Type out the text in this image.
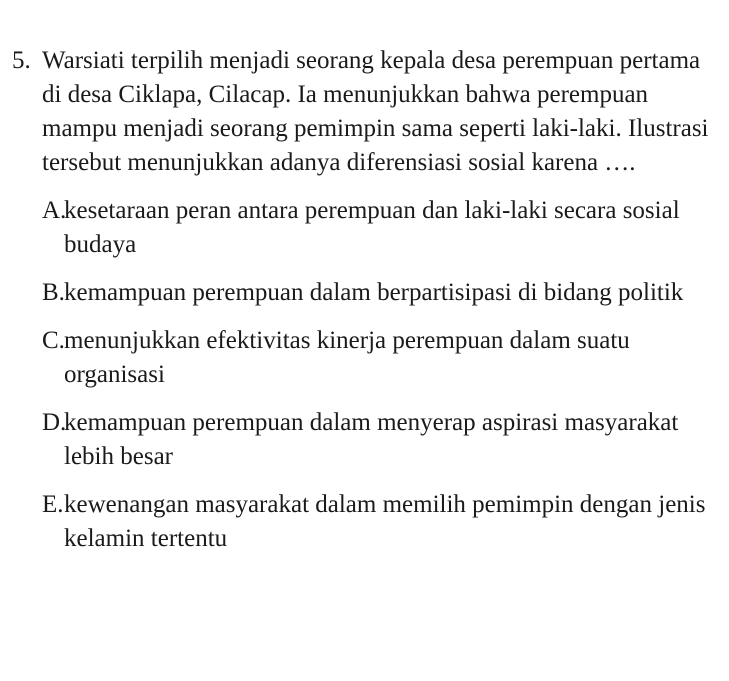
5. Warsiati terpilih menjadi seorang kepala desa perempuan pertama di desa Ciklapa, Cilacap. Ia menunjukkan bahwa perempuan mampu menjadi seorang pemimpin sama seperti laki-laki. Ilustrasi tersebut menunjukkan adanya diferensiasi sosial karena ….

A.

kesetaraan peran antara perempuan dan laki-laki secara sosial budaya

B. kemampuan perempuan dalam berpartisipasi di bidang politik

C. menunjukkan efektivitas kinerja perempuan dalam suatu organisasi

D.

kemampuan perempuan dalam menyerap aspirasi masyarakat lebih besar

E. kewenangan masyarakat dalam memilih pemimpin dengan jenis kelamin tertentu
